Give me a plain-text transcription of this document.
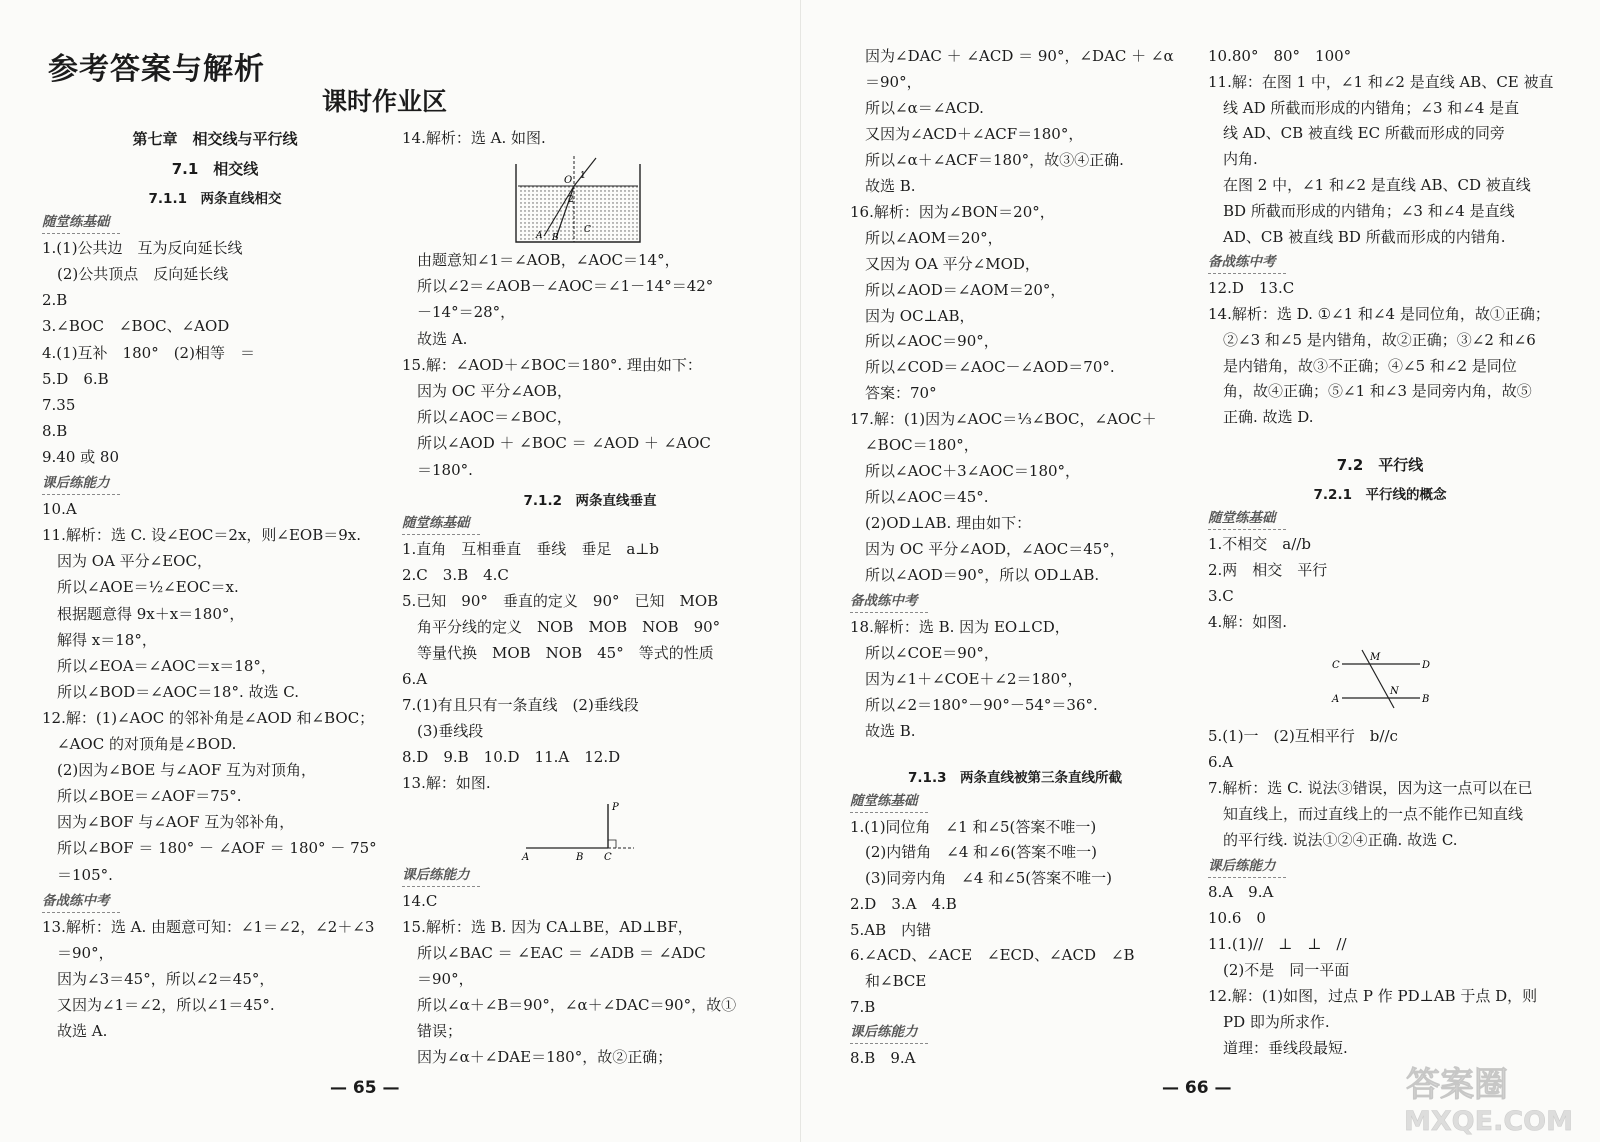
参考答案与解析
课时作业区
第七章　相交线与平行线
7.1　相交线
7.1.1　两条直线相交
7.1.2　两条直线垂直
7.1.3　两条直线被第三条直线所截
7.2　平行线
7.2.1　平行线的概念
O 1
2
A B
C
P
A	B C
C
M
D
A
N
B
— 65 —	— 66 —	答案圈
MXQE.COM
随堂练基础
1.(1)公共边　互为反向延长线
　(2)公共顶点　反向延长线
2.B
3.∠BOC　∠BOC、∠AOD
4.(1)互补　180°　(2)相等　＝
5.D　6.B
7.35
8.B
9.40 或 80
课后练能力
10.A
11.解析：选 C. 设∠EOC＝2x，则∠EOB＝9x.
　因为 OA 平分∠EOC，
　所以∠AOE＝½∠EOC＝x.
　根据题意得 9x＋x＝180°，
　解得 x＝18°，
　所以∠EOA＝∠AOC＝x＝18°，
　所以∠BOD＝∠AOC＝18°. 故选 C.
12.解：(1)∠AOC 的邻补角是∠AOD 和∠BOC；
　∠AOC 的对顶角是∠BOD.
　(2)因为∠BOE 与∠AOF 互为对顶角，
　所以∠BOE＝∠AOF＝75°.
　因为∠BOF 与∠AOF 互为邻补角，
　所以∠BOF ＝ 180° － ∠AOF ＝ 180° － 75°
　＝105°.
备战练中考
13.解析：选 A. 由题意可知：∠1＝∠2，∠2＋∠3
　＝90°，
　因为∠3＝45°，所以∠2＝45°，
　又因为∠1＝∠2，所以∠1＝45°.
　故选 A.
14.解析：选 A. 如图.
　由题意知∠1＝∠AOB，∠AOC＝14°，
　所以∠2＝∠AOB－∠AOC＝∠1－14°＝42°
　－14°＝28°，
　故选 A.
15.解：∠AOD＋∠BOC＝180°. 理由如下：
　因为 OC 平分∠AOB，
　所以∠AOC＝∠BOC，
　所以∠AOD ＋ ∠BOC ＝ ∠AOD ＋ ∠AOC
　＝180°.
随堂练基础
1.直角　互相垂直　垂线　垂足　a⊥b
2.C　3.B　4.C
5.已知　90°　垂直的定义　90°　已知　MOB
　角平分线的定义　NOB　MOB　NOB　90°
　等量代换　MOB　NOB　45°　等式的性质
6.A
7.(1)有且只有一条直线　(2)垂线段
　(3)垂线段
8.D　9.B　10.D　11.A　12.D
13.解：如图.
课后练能力
14.C
15.解析：选 B. 因为 CA⊥BE，AD⊥BF，
　所以∠BAC ＝ ∠EAC ＝ ∠ADB ＝ ∠ADC
　＝90°，
　所以∠α＋∠B＝90°，∠α＋∠DAC＝90°，故①
　错误；
　因为∠α＋∠DAE＝180°，故②正确；
　因为∠DAC ＋ ∠ACD ＝ 90°，∠DAC ＋ ∠α
　＝90°，
　所以∠α＝∠ACD.
　又因为∠ACD＋∠ACF＝180°，
　所以∠α＋∠ACF＝180°，故③④正确.
　故选 B.
16.解析：因为∠BON＝20°，
　所以∠AOM＝20°，
　又因为 OA 平分∠MOD，
　所以∠AOD＝∠AOM＝20°，
　因为 OC⊥AB，
　所以∠AOC＝90°，
　所以∠COD＝∠AOC－∠AOD＝70°.
　答案：70°
17.解：(1)因为∠AOC＝⅓∠BOC，∠AOC＋
　∠BOC＝180°，
　所以∠AOC＋3∠AOC＝180°，
　所以∠AOC＝45°.
　(2)OD⊥AB. 理由如下：
　因为 OC 平分∠AOD，∠AOC＝45°，
　所以∠AOD＝90°，所以 OD⊥AB.
备战练中考
18.解析：选 B. 因为 EO⊥CD，
　所以∠COE＝90°，
　因为∠1＋∠COE＋∠2＝180°，
　所以∠2＝180°－90°－54°＝36°.
　故选 B.
随堂练基础
1.(1)同位角　∠1 和∠5(答案不唯一)
　(2)内错角　∠4 和∠6(答案不唯一)
　(3)同旁内角　∠4 和∠5(答案不唯一)
2.D　3.A　4.B
5.AB　内错
6.∠ACD、∠ACE　∠ECD、∠ACD　∠B
　和∠BCE
7.B
课后练能力
8.B　9.A
10.80°　80°　100°
11.解：在图 1 中，∠1 和∠2 是直线 AB、CE 被直
　线 AD 所截而形成的内错角；∠3 和∠4 是直
　线 AD、CB 被直线 EC 所截而形成的同旁
　内角.
　在图 2 中，∠1 和∠2 是直线 AB、CD 被直线
　BD 所截而形成的内错角；∠3 和∠4 是直线
　AD、CB 被直线 BD 所截而形成的内错角.
备战练中考
12.D　13.C
14.解析：选 D. ①∠1 和∠4 是同位角，故①正确；
　②∠3 和∠5 是内错角，故②正确；③∠2 和∠6
　是内错角，故③不正确；④∠5 和∠2 是同位
　角，故④正确；⑤∠1 和∠3 是同旁内角，故⑤
　正确. 故选 D.
随堂练基础
1.不相交　a//b
2.两　相交　平行
3.C
4.解：如图.
5.(1)一　(2)互相平行　b//c
6.A
7.解析：选 C. 说法③错误，因为这一点可以在已
　知直线上，而过直线上的一点不能作已知直线
　的平行线. 说法①②④正确. 故选 C.
课后练能力
8.A　9.A
10.6　0
11.(1)//　⊥　⊥　//
　(2)不是　同一平面
12.解：(1)如图，过点 P 作 PD⊥AB 于点 D，则
　PD 即为所求作.
　道理：垂线段最短.
